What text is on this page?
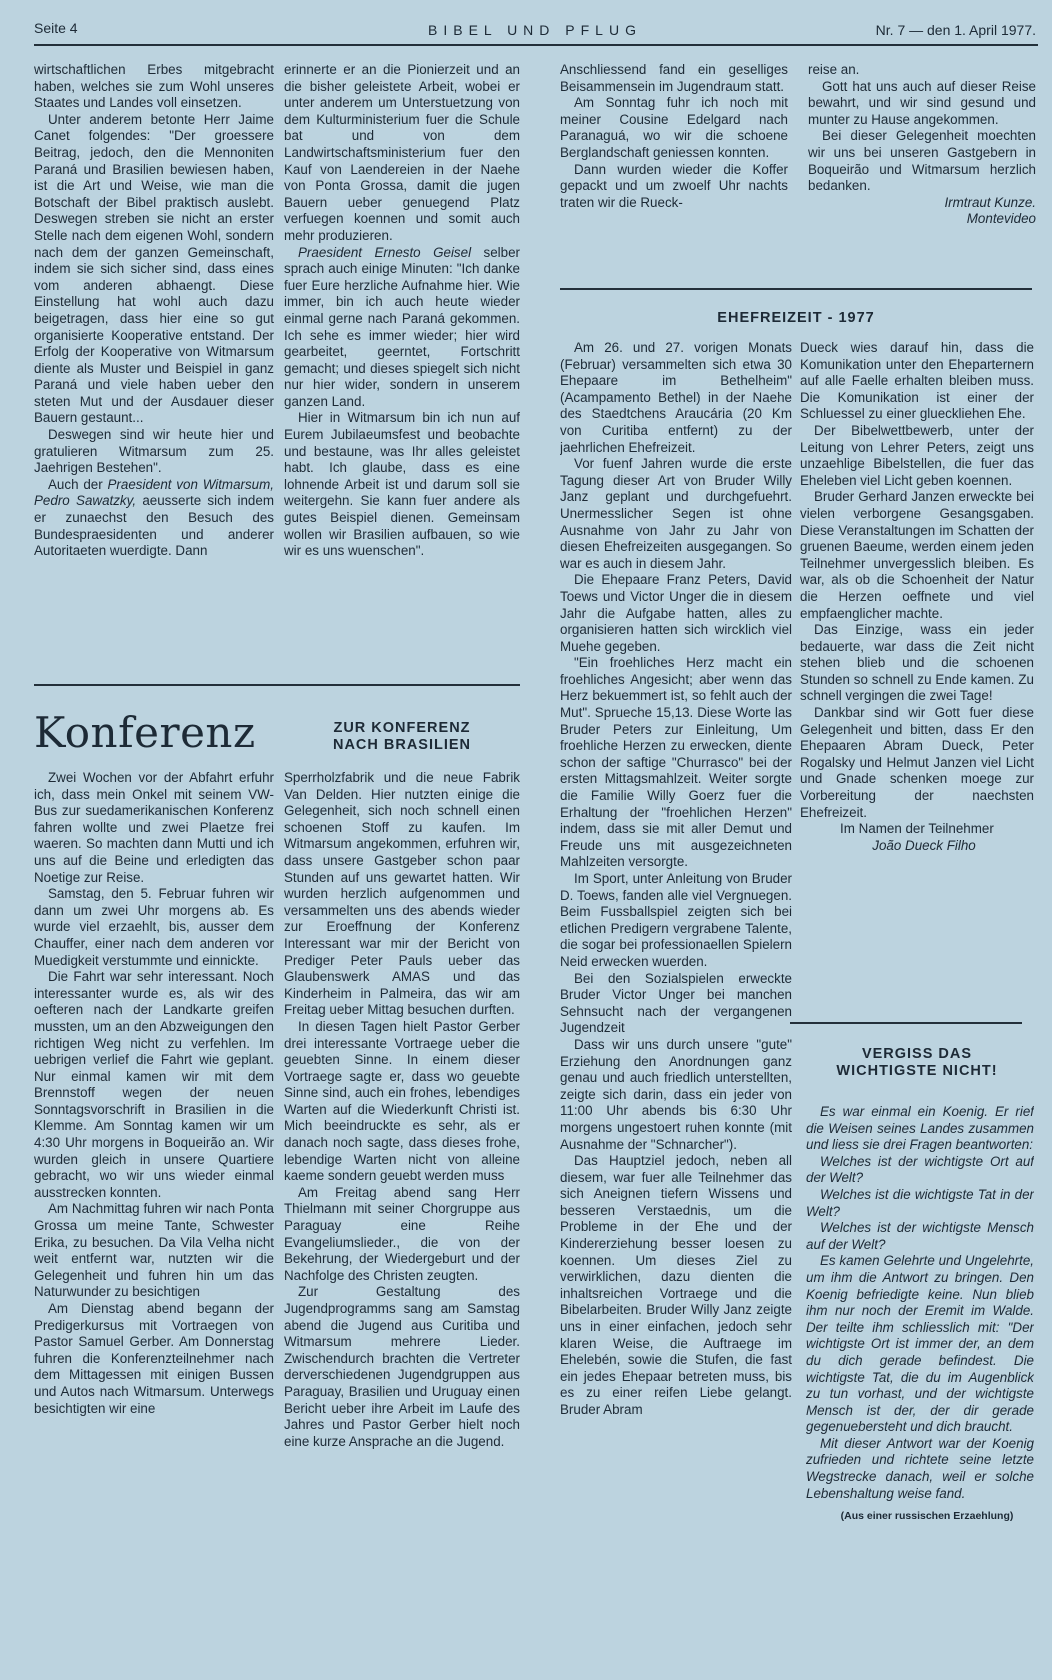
Seite 4	BIBEL UND PFLUG	Nr. 7 — den 1. April 1977.

wirtschaftlichen Erbes mitgebracht haben, welches sie zum Wohl unseres Staates und Landes voll einsetzen.

Unter anderem betonte Herr Jaime Canet folgendes: "Der groessere Beitrag, jedoch, den die Mennoniten Paraná und Brasilien bewiesen haben, ist die Art und Weise, wie man die Botschaft der Bibel praktisch auslebt. Deswegen streben sie nicht an erster Stelle nach dem eigenen Wohl, sondern nach dem der ganzen Gemeinschaft, indem sie sich sicher sind, dass eines vom anderen abhaengt. Diese Einstellung hat wohl auch dazu beigetragen, dass hier eine so gut organisierte Kooperative entstand. Der Erfolg der Kooperative von Witmarsum diente als Muster und Beispiel in ganz Paraná und viele haben ueber den steten Mut und der Ausdauer dieser Bauern gestaunt...

Deswegen sind wir heute hier und gratulieren Witmarsum zum 25. Jaehrigen Bestehen".

Auch der Praesident von Witmarsum, Pedro Sawatzky, aeusserte sich indem er zunaechst den Besuch des Bundespraesidenten und anderer Autoritaeten wuerdigte. Dann

erinnerte er an die Pionierzeit und an die bisher geleistete Arbeit, wobei er unter anderem um Unterstuetzung von dem Kulturministerium fuer die Schule bat und von dem Landwirtschaftsministerium fuer den Kauf von Laendereien in der Naehe von Ponta Grossa, damit die jugen Bauern ueber genuegend Platz verfuegen koennen und somit auch mehr produzieren.

Praesident Ernesto Geisel selber sprach auch einige Minuten: "Ich danke fuer Eure herzliche Aufnahme hier. Wie immer, bin ich auch heute wieder einmal gerne nach Paraná gekommen. Ich sehe es immer wieder; hier wird gearbeitet, geerntet, Fortschritt gemacht; und dieses spiegelt sich nicht nur hier wider, sondern in unserem ganzen Land.

Hier in Witmarsum bin ich nun auf Eurem Jubilaeumsfest und beobachte und bestaune, was Ihr alles geleistet habt. Ich glaube, dass es eine lohnende Arbeit ist und darum soll sie weitergehn. Sie kann fuer andere als gutes Beispiel dienen. Gemeinsam wollen wir Brasilien aufbauen, so wie wir es uns wuenschen".

Anschliessend fand ein geselliges Beisammensein im Jugendraum statt.

Am Sonntag fuhr ich noch mit meiner Cousine Edelgard nach Paranaguá, wo wir die schoene Berglandschaft geniessen konnten.

Dann wurden wieder die Koffer gepackt und um zwoelf Uhr nachts traten wir die Rueck-

reise an.

Gott hat uns auch auf dieser Reise bewahrt, und wir sind gesund und munter zu Hause angekommen.

Bei dieser Gelegenheit moechten wir uns bei unseren Gastgebern in Boqueirão und Witmarsum herzlich bedanken.

Irmtraut Kunze.

Montevideo

EHEFREIZEIT - 1977

Am 26. und 27. vorigen Monats (Februar) versammelten sich etwa 30 Ehepaare im Bethelheim" (Acampamento Bethel) in der Naehe des Staedtchens Araucária (20 Km von Curitiba entfernt) zu der jaehrlichen Ehefreizeit.

Vor fuenf Jahren wurde die erste Tagung dieser Art von Bruder Willy Janz geplant und durchgefuehrt. Unermesslicher Segen ist ohne Ausnahme von Jahr zu Jahr von diesen Ehefreizeiten ausgegangen. So war es auch in diesem Jahr.

Die Ehepaare Franz Peters, David Toews und Victor Unger die in diesem Jahr die Aufgabe hatten, alles zu organisieren hatten sich wircklich viel Muehe gegeben.

"Ein froehliches Herz macht ein froehliches Angesicht; aber wenn das Herz bekuemmert ist, so fehlt auch der Mut". Sprueche 15,13. Diese Worte las Bruder Peters zur Einleitung, Um froehliche Herzen zu erwecken, diente schon der saftige "Churrasco" bei der ersten Mittagsmahlzeit. Weiter sorgte die Familie Willy Goerz fuer die Erhaltung der "froehlichen Herzen" indem, dass sie mit aller Demut und Freude uns mit ausgezeichneten Mahlzeiten versorgte.

Im Sport, unter Anleitung von Bruder D. Toews, fanden alle viel Vergnuegen. Beim Fussballspiel zeigten sich bei etlichen Predigern vergrabene Talente, die sogar bei professionaellen Spielern Neid erwecken wuerden.

Bei den Sozialspielen erweckte Bruder Victor Unger bei manchen Sehnsucht nach der vergangenen Jugendzeit

Dass wir uns durch unsere "gute" Erziehung den Anordnungen ganz genau und auch friedlich unterstellten, zeigte sich darin, dass ein jeder von 11:00 Uhr abends bis 6:30 Uhr morgens ungestoert ruhen konnte (mit Ausnahme der "Schnarcher").

Das Hauptziel jedoch, neben all diesem, war fuer alle Teilnehmer das sich Aneignen tiefern Wissens und besseren Verstaednis, um die Probleme in der Ehe und der Kindererziehung besser loesen zu koennen. Um dieses Ziel zu verwirklichen, dazu dienten die inhaltsreichen Vortraege und die Bibelarbeiten. Bruder Willy Janz zeigte uns in einer einfachen, jedoch sehr klaren Weise, die Auftraege im Ehelebén, sowie die Stufen, die fast ein jedes Ehepaar betreten muss, bis es zu einer reifen Liebe gelangt. Bruder Abram

Dueck wies darauf hin, dass die Komunikation unter den Eheparternern auf alle Faelle erhalten bleiben muss. Die Komunikation ist einer der Schluessel zu einer glueckliehen Ehe.

Der Bibelwettbewerb, unter der Leitung von Lehrer Peters, zeigt uns unzaehlige Bibelstellen, die fuer das Eheleben viel Licht geben koennen.

Bruder Gerhard Janzen erweckte bei vielen verborgene Gesangsgaben. Diese Veranstaltungen im Schatten der gruenen Baeume, werden einem jeden Teilnehmer unvergesslich bleiben. Es war, als ob die Schoenheit der Natur die Herzen oeffnete und viel empfaenglicher machte.

Das Einzige, wass ein jeder bedauerte, war dass die Zeit nicht stehen blieb und die schoenen Stunden so schnell zu Ende kamen. Zu schnell vergingen die zwei Tage!

Dankbar sind wir Gott fuer diese Gelegenheit und bitten, dass Er den Ehepaaren Abram Dueck, Peter Rogalsky und Helmut Janzen viel Licht und Gnade schenken moege zur Vorbereitung der naechsten Ehefreizeit.

Im Namen der Teilnehmer

João Dueck Filho

VERGISS DAS
WICHTIGSTE NICHT!

Es war einmal ein Koenig. Er rief die Weisen seines Landes zusammen und liess sie drei Fragen beantworten:

Welches ist der wichtigste Ort auf der Welt?

Welches ist die wichtigste Tat in der Welt?

Welches ist der wichtigste Mensch auf der Welt?

Es kamen Gelehrte und Ungelehrte, um ihm die Antwort zu bringen. Den Koenig befriedigte keine. Nun blieb ihm nur noch der Eremit im Walde. Der teilte ihm schliesslich mit: "Der wichtigste Ort ist immer der, an dem du dich gerade befindest. Die wichtigste Tat, die du im Augenblick zu tun vorhast, und der wichtigste Mensch ist der, der dir gerade gegenuebersteht und dich braucht.

Mit dieser Antwort war der Koenig zufrieden und richtete seine letzte Wegstrecke danach, weil er solche Lebenshaltung weise fand.

(Aus einer russischen Erzaehlung)

Konferenz	ZUR KONFERENZ
NACH BRASILIEN

Zwei Wochen vor der Abfahrt erfuhr ich, dass mein Onkel mit seinem VW-Bus zur suedamerikanischen Konferenz fahren wollte und zwei Plaetze frei waeren. So machten dann Mutti und ich uns auf die Beine und erledigten das Noetige zur Reise.

Samstag, den 5. Februar fuhren wir dann um zwei Uhr morgens ab. Es wurde viel erzaehlt, bis, ausser dem Chauffer, einer nach dem anderen vor Muedigkeit verstummte und einnickte.

Die Fahrt war sehr interessant. Noch interessanter wurde es, als wir des oefteren nach der Landkarte greifen mussten, um an den Abzweigungen den richtigen Weg nicht zu verfehlen. Im uebrigen verlief die Fahrt wie geplant. Nur einmal kamen wir mit dem Brennstoff wegen der neuen Sonntagsvorschrift in Brasilien in die Klemme. Am Sonntag kamen wir um 4:30 Uhr morgens in Boqueirão an. Wir wurden gleich in unsere Quartiere gebracht, wo wir uns wieder einmal ausstrecken konnten.

Am Nachmittag fuhren wir nach Ponta Grossa um meine Tante, Schwester Erika, zu besuchen. Da Vila Velha nicht weit entfernt war, nutzten wir die Gelegenheit und fuhren hin um das Naturwunder zu besichtigen

Am Dienstag abend begann der Predigerkursus mit Vortraegen von Pastor Samuel Gerber. Am Donnerstag fuhren die Konferenzteilnehmer nach dem Mittagessen mit einigen Bussen und Autos nach Witmarsum. Unterwegs besichtigten wir eine

Sperrholzfabrik und die neue Fabrik Van Delden. Hier nutzten einige die Gelegenheit, sich noch schnell einen schoenen Stoff zu kaufen. Im Witmarsum angekommen, erfuhren wir, dass unsere Gastgeber schon paar Stunden auf uns gewartet hatten. Wir wurden herzlich aufgenommen und versammelten uns des abends wieder zur Eroeffnung der Konferenz Interessant war mir der Bericht von Prediger Peter Pauls ueber das Glaubenswerk AMAS und das Kinderheim in Palmeira, das wir am Freitag ueber Mittag besuchen durften.

In diesen Tagen hielt Pastor Gerber drei interessante Vortraege ueber die geuebten Sinne. In einem dieser Vortraege sagte er, dass wo geuebte Sinne sind, auch ein frohes, lebendiges Warten auf die Wiederkunft Christi ist. Mich beeindruckte es sehr, als er danach noch sagte, dass dieses frohe, lebendige Warten nicht von alleine kaeme sondern geuebt werden muss

Am Freitag abend sang Herr Thielmann mit seiner Chorgruppe aus Paraguay eine Reihe Evangeliumslieder., die von der Bekehrung, der Wiedergeburt und der Nachfolge des Christen zeugten.

Zur Gestaltung des Jugendprogramms sang am Samstag abend die Jugend aus Curitiba und Witmarsum mehrere Lieder. Zwischendurch brachten die Vertreter derverschiedenen Jugendgruppen aus Paraguay, Brasilien und Uruguay einen Bericht ueber ihre Arbeit im Laufe des Jahres und Pastor Gerber hielt noch eine kurze Ansprache an die Jugend.
